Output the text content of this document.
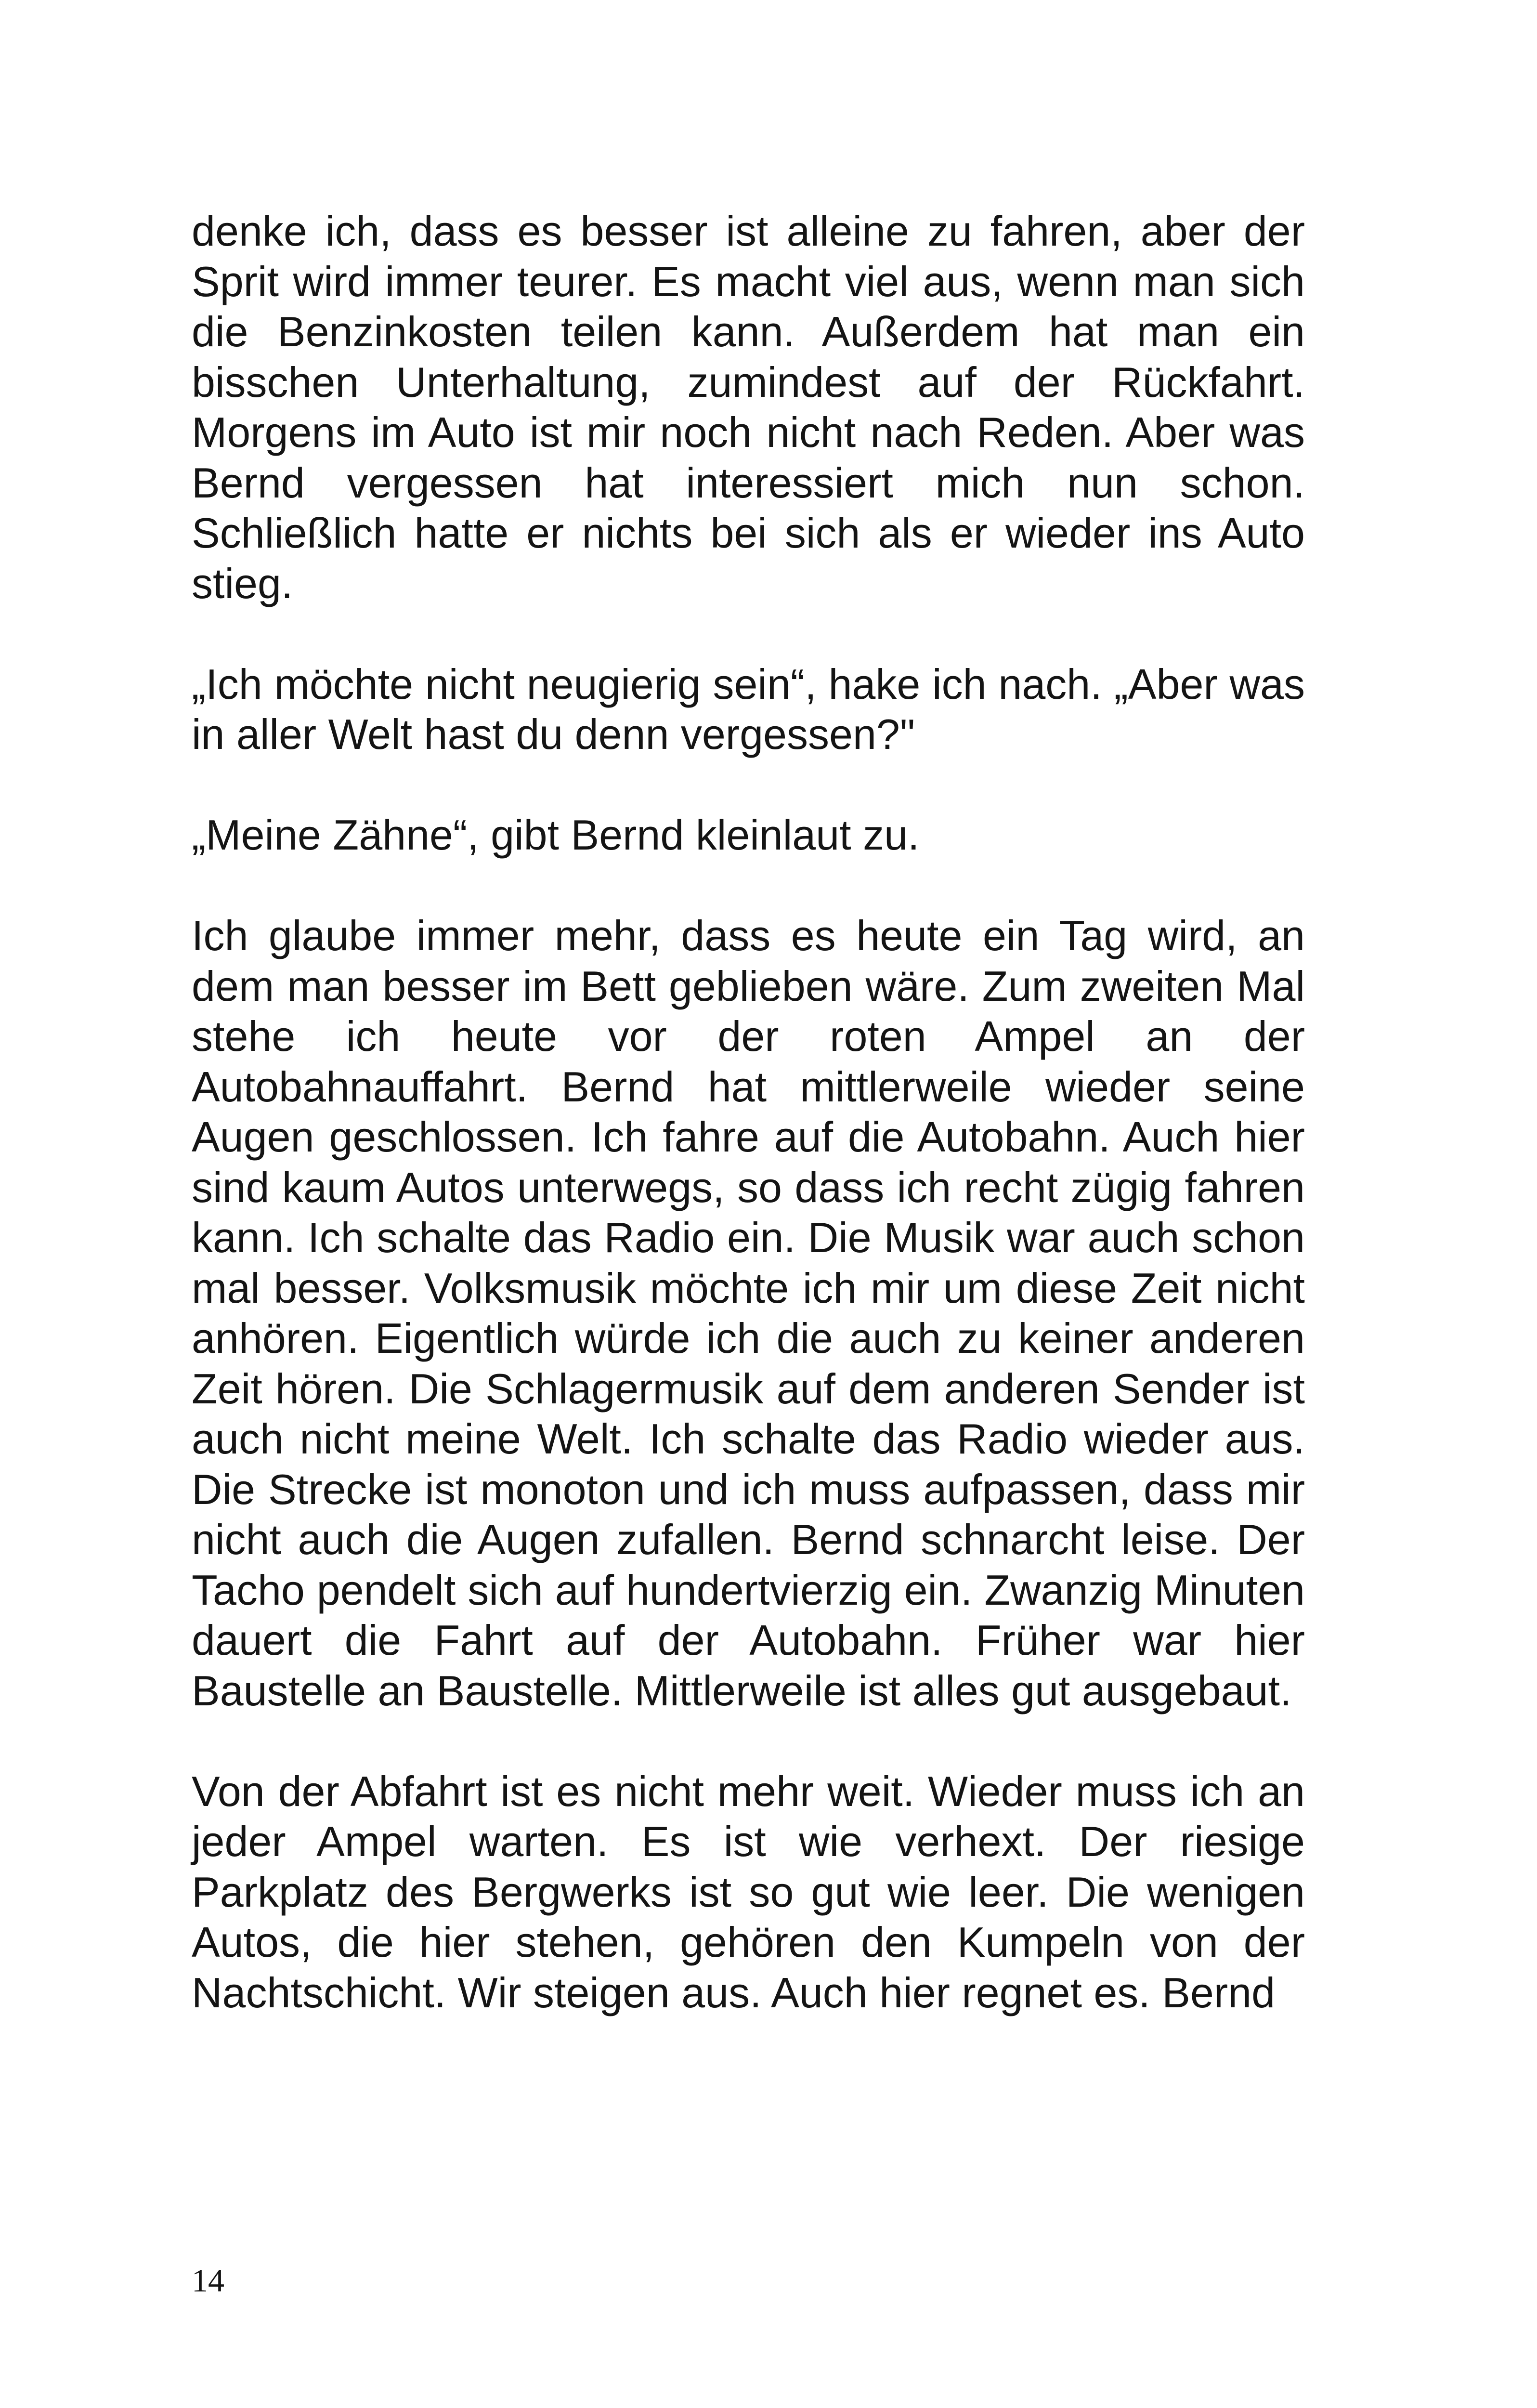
denke ich, dass es besser ist alleine zu fahren, aber der Sprit wird immer teurer. Es macht viel aus, wenn man sich die Benzinkosten teilen kann. Außerdem hat man ein bisschen Unterhaltung, zumindest auf der Rückfahrt. Morgens im Auto ist mir noch nicht nach Reden. Aber was Bernd vergessen hat interessiert mich nun schon. Schließlich hatte er nichts bei sich als er wieder ins Auto stieg.

„Ich möchte nicht neugierig sein“, hake ich nach. „Aber was in aller Welt hast du denn vergessen?"

„Meine Zähne“, gibt Bernd kleinlaut zu.

Ich glaube immer mehr, dass es heute ein Tag wird, an dem man besser im Bett geblieben wäre. Zum zweiten Mal stehe ich heute vor der roten Ampel an der Autobahnauffahrt. Bernd hat mittlerweile wieder seine Augen geschlossen. Ich fahre auf die Autobahn. Auch hier sind kaum Autos unterwegs, so dass ich recht zügig fahren kann. Ich schalte das Radio ein. Die Musik war auch schon mal besser. Volksmusik möchte ich mir um diese Zeit nicht anhören. Eigentlich würde ich die auch zu keiner anderen Zeit hören. Die Schlagermusik auf dem anderen Sender ist auch nicht meine Welt. Ich schalte das Radio wieder aus. Die Strecke ist monoton und ich muss aufpassen, dass mir nicht auch die Augen zufallen. Bernd schnarcht leise. Der Tacho pendelt sich auf hundertvierzig ein. Zwanzig Minuten dauert die Fahrt auf der Autobahn. Früher war hier Baustelle an Baustelle. Mittlerweile ist alles gut ausgebaut.

Von der Abfahrt ist es nicht mehr weit. Wieder muss ich an jeder Ampel warten. Es ist wie verhext. Der riesige Parkplatz des Bergwerks ist so gut wie leer. Die wenigen Autos, die hier stehen, gehören den Kumpeln von der Nachtschicht. Wir steigen aus. Auch hier regnet es. Bernd

14
